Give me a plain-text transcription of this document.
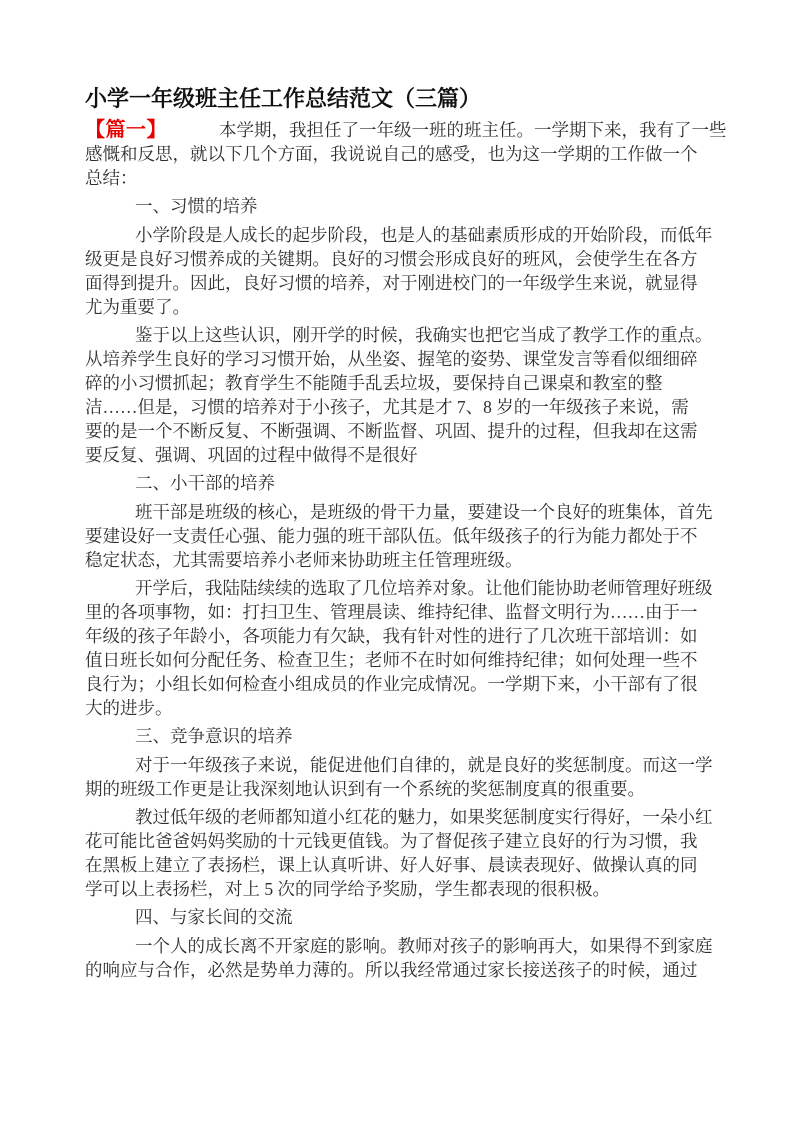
小学一年级班主任工作总结范文（三篇）
【篇一】	本学期，我担任了一年级一班的班主任。一学期下来，我有了一些
感慨和反思，就以下几个方面，我说说自己的感受，也为这一学期的工作做一个
总结：
一、习惯的培养
小学阶段是人成长的起步阶段，也是人的基础素质形成的开始阶段，而低年
级更是良好习惯养成的关键期。良好的习惯会形成良好的班风，会使学生在各方
面得到提升。因此，良好习惯的培养，对于刚进校门的一年级学生来说，就显得
尤为重要了。
鉴于以上这些认识，刚开学的时候，我确实也把它当成了教学工作的重点。
从培养学生良好的学习习惯开始，从坐姿、握笔的姿势、课堂发言等看似细细碎
碎的小习惯抓起；教育学生不能随手乱丢垃圾，要保持自己课桌和教室的整
洁……但是，习惯的培养对于小孩子，尤其是才 7、8 岁的一年级孩子来说，需
要的是一个不断反复、不断强调、不断监督、巩固、提升的过程，但我却在这需
要反复、强调、巩固的过程中做得不是很好
二、小干部的培养
班干部是班级的核心，是班级的骨干力量，要建设一个良好的班集体，首先
要建设好一支责任心强、能力强的班干部队伍。低年级孩子的行为能力都处于不
稳定状态，尤其需要培养小老师来协助班主任管理班级。
开学后，我陆陆续续的选取了几位培养对象。让他们能协助老师管理好班级
里的各项事物，如：打扫卫生、管理晨读、维持纪律、监督文明行为……由于一
年级的孩子年龄小，各项能力有欠缺，我有针对性的进行了几次班干部培训：如
值日班长如何分配任务、检查卫生；老师不在时如何维持纪律；如何处理一些不
良行为；小组长如何检查小组成员的作业完成情况。一学期下来，小干部有了很
大的进步。
三、竞争意识的培养
对于一年级孩子来说，能促进他们自律的，就是良好的奖惩制度。而这一学
期的班级工作更是让我深刻地认识到有一个系统的奖惩制度真的很重要。
教过低年级的老师都知道小红花的魅力，如果奖惩制度实行得好，一朵小红
花可能比爸爸妈妈奖励的十元钱更值钱。为了督促孩子建立良好的行为习惯，我
在黑板上建立了表扬栏，课上认真听讲、好人好事、晨读表现好、做操认真的同
学可以上表扬栏，对上 5 次的同学给予奖励，学生都表现的很积极。
四、与家长间的交流
一个人的成长离不开家庭的影响。教师对孩子的影响再大，如果得不到家庭
的响应与合作，必然是势单力薄的。所以我经常通过家长接送孩子的时候，通过
